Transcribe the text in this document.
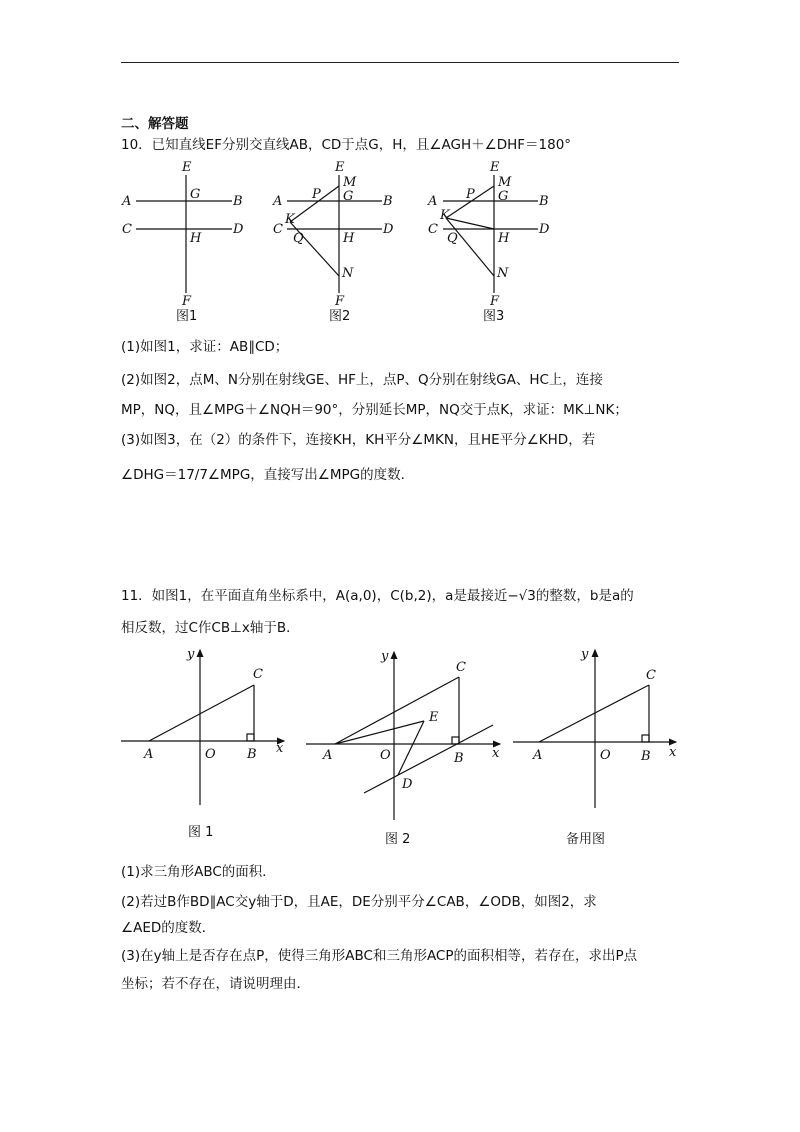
二、解答题
10．已知直线EF分别交直线AB，CD于点G，H，且∠AGH＋∠DHF＝180°
E
A	B
C	D
G
H
F
图1
E
M
P G
A	B
K
C
Q	H
D
N
F
图2
E
M
P G
A	B
K
C
Q	H
D
N
F
图3
(1)如图1，求证：AB∥CD；
(2)如图2，点M、N分别在射线GE、HF上，点P、Q分别在射线GA、HC上，连接
MP，NQ，且∠MPG＋∠NQH＝90°，分别延长MP，NQ交于点K，求证：MK⊥NK；
(3)如图3，在（2）的条件下，连接KH，KH平分∠MKN，且HE平分∠KHD，若
∠DHG＝17/7∠MPG，直接写出∠MPG的度数．
11．如图1，在平面直角坐标系中，A(a,0)，C(b,2)，a是最接近−√3的整数，b是a的
相反数，过C作CB⊥x轴于B．
y
x
A	O B
C
图 1
y
x
A	O	B
C
E
D
图 2
y
x
A	O B
C
备用图
(1)求三角形ABC的面积．
(2)若过B作BD∥AC交y轴于D，且AE，DE分别平分∠CAB，∠ODB，如图2，求
∠AED的度数．
(3)在y轴上是否存在点P，使得三角形ABC和三角形ACP的面积相等，若存在，求出P点
坐标；若不存在，请说明理由．
